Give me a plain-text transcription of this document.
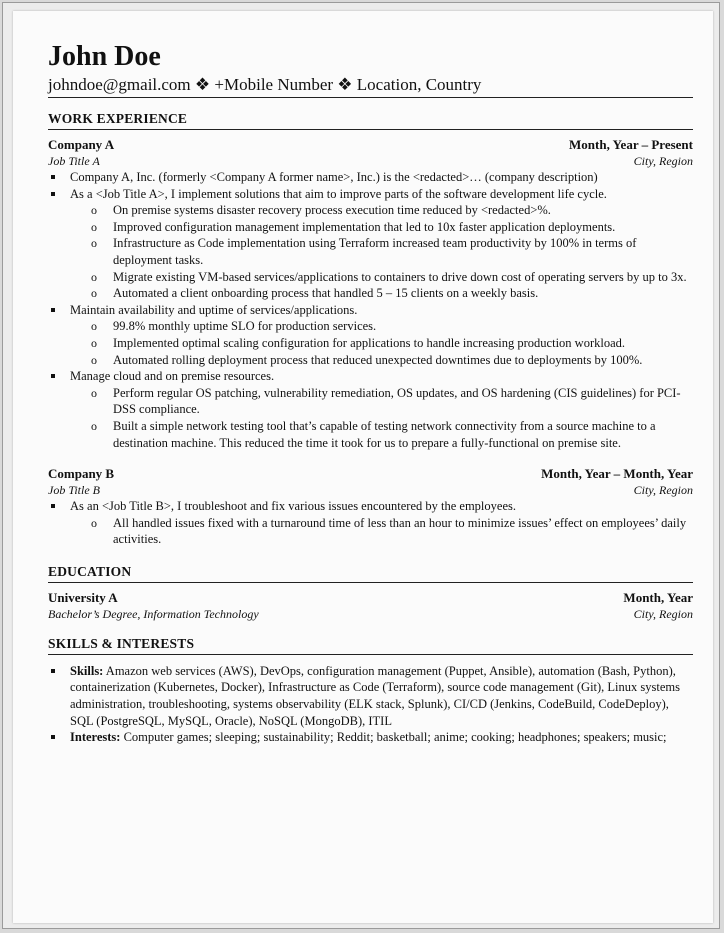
John Doe
johndoe@gmail.com ❖ +Mobile Number ❖ Location, Country
WORK EXPERIENCE
Company A	Month, Year – Present
Job Title A	City, Region
Company A, Inc. (formerly <Company A former name>, Inc.) is the <redacted>… (company description)
As a <Job Title A>, I implement solutions that aim to improve parts of the software development life cycle.
o On premise systems disaster recovery process execution time reduced by <redacted>%.
o Improved configuration management implementation that led to 10x faster application deployments.
o Infrastructure as Code implementation using Terraform increased team productivity by 100% in terms of deployment tasks.
o Migrate existing VM-based services/applications to containers to drive down cost of operating servers by up to 3x.
o Automated a client onboarding process that handled 5 – 15 clients on a weekly basis.
Maintain availability and uptime of services/applications.
o 99.8% monthly uptime SLO for production services.
o Implemented optimal scaling configuration for applications to handle increasing production workload.
o Automated rolling deployment process that reduced unexpected downtimes due to deployments by 100%.
Manage cloud and on premise resources.
o Perform regular OS patching, vulnerability remediation, OS updates, and OS hardening (CIS guidelines) for PCI-DSS compliance.
o Built a simple network testing tool that’s capable of testing network connectivity from a source machine to a destination machine. This reduced the time it took for us to prepare a fully-functional on premise site.
Company B	Month, Year – Month, Year
Job Title B	City, Region
As an <Job Title B>, I troubleshoot and fix various issues encountered by the employees.
o All handled issues fixed with a turnaround time of less than an hour to minimize issues’ effect on employees’ daily activities.
EDUCATION
University A	Month, Year
Bachelor’s Degree, Information Technology	City, Region
SKILLS & INTERESTS
Skills: Amazon web services (AWS), DevOps, configuration management (Puppet, Ansible), automation (Bash, Python), containerization (Kubernetes, Docker), Infrastructure as Code (Terraform), source code management (Git), Linux systems administration, troubleshooting, systems observability (ELK stack, Splunk), CI/CD (Jenkins, CodeBuild, CodeDeploy), SQL (PostgreSQL, MySQL, Oracle), NoSQL (MongoDB), ITIL
Interests: Computer games; sleeping; sustainability; Reddit; basketball; anime; cooking; headphones; speakers; music;
